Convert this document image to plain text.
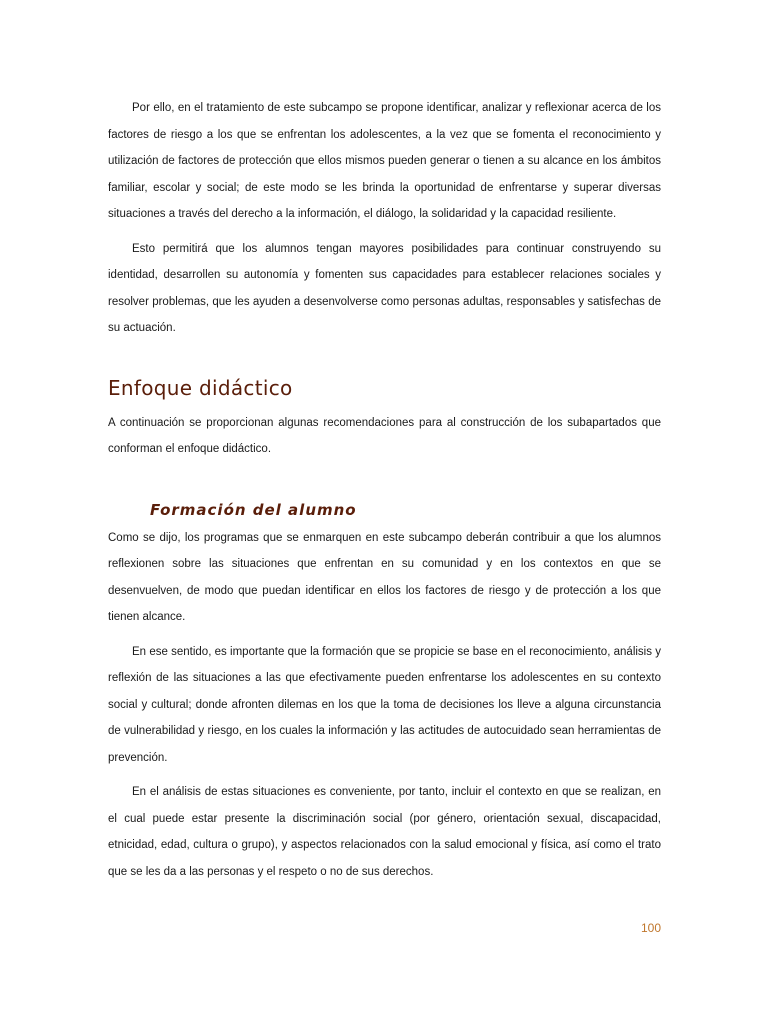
Por ello, en el tratamiento de este subcampo se propone identificar, analizar y reflexionar acerca de los factores de riesgo a los que se enfrentan los adolescentes, a la vez que se fomenta el reconocimiento y utilización de factores de protección que ellos mismos pueden generar o tienen a su alcance en los ámbitos familiar, escolar y social; de este modo se les brinda la oportunidad de enfrentarse y superar diversas situaciones a través del derecho a la información, el diálogo, la solidaridad y la capacidad resiliente.

Esto permitirá que los alumnos tengan mayores posibilidades para continuar construyendo su identidad, desarrollen su autonomía y fomenten sus capacidades para establecer relaciones sociales y resolver problemas, que les ayuden a desenvolverse como personas adultas, responsables y satisfechas de su actuación.

Enfoque didáctico

A continuación se proporcionan algunas recomendaciones para al construcción de los subapartados que conforman el enfoque didáctico.

Formación del alumno

Como se dijo, los programas que se enmarquen en este subcampo deberán contribuir a que los alumnos reflexionen sobre las situaciones que enfrentan en su comunidad y en los contextos en que se desenvuelven, de modo que puedan identificar en ellos los factores de riesgo y de protección a los que tienen alcance.

En ese sentido, es importante que la formación que se propicie se base en el reconocimiento, análisis y reflexión de las situaciones a las que efectivamente pueden enfrentarse los adolescentes en su contexto social y cultural; donde afronten dilemas en los que la toma de decisiones los lleve a alguna circunstancia de vulnerabilidad y riesgo, en los cuales la información y las actitudes de autocuidado sean herramientas de prevención.

En el análisis de estas situaciones es conveniente, por tanto, incluir el contexto en que se realizan, en el cual puede estar presente la discriminación social (por género, orientación sexual, discapacidad, etnicidad, edad, cultura o grupo), y aspectos relacionados con la salud emocional y física, así como el trato que se les da a las personas y el respeto o no de sus derechos.

100
